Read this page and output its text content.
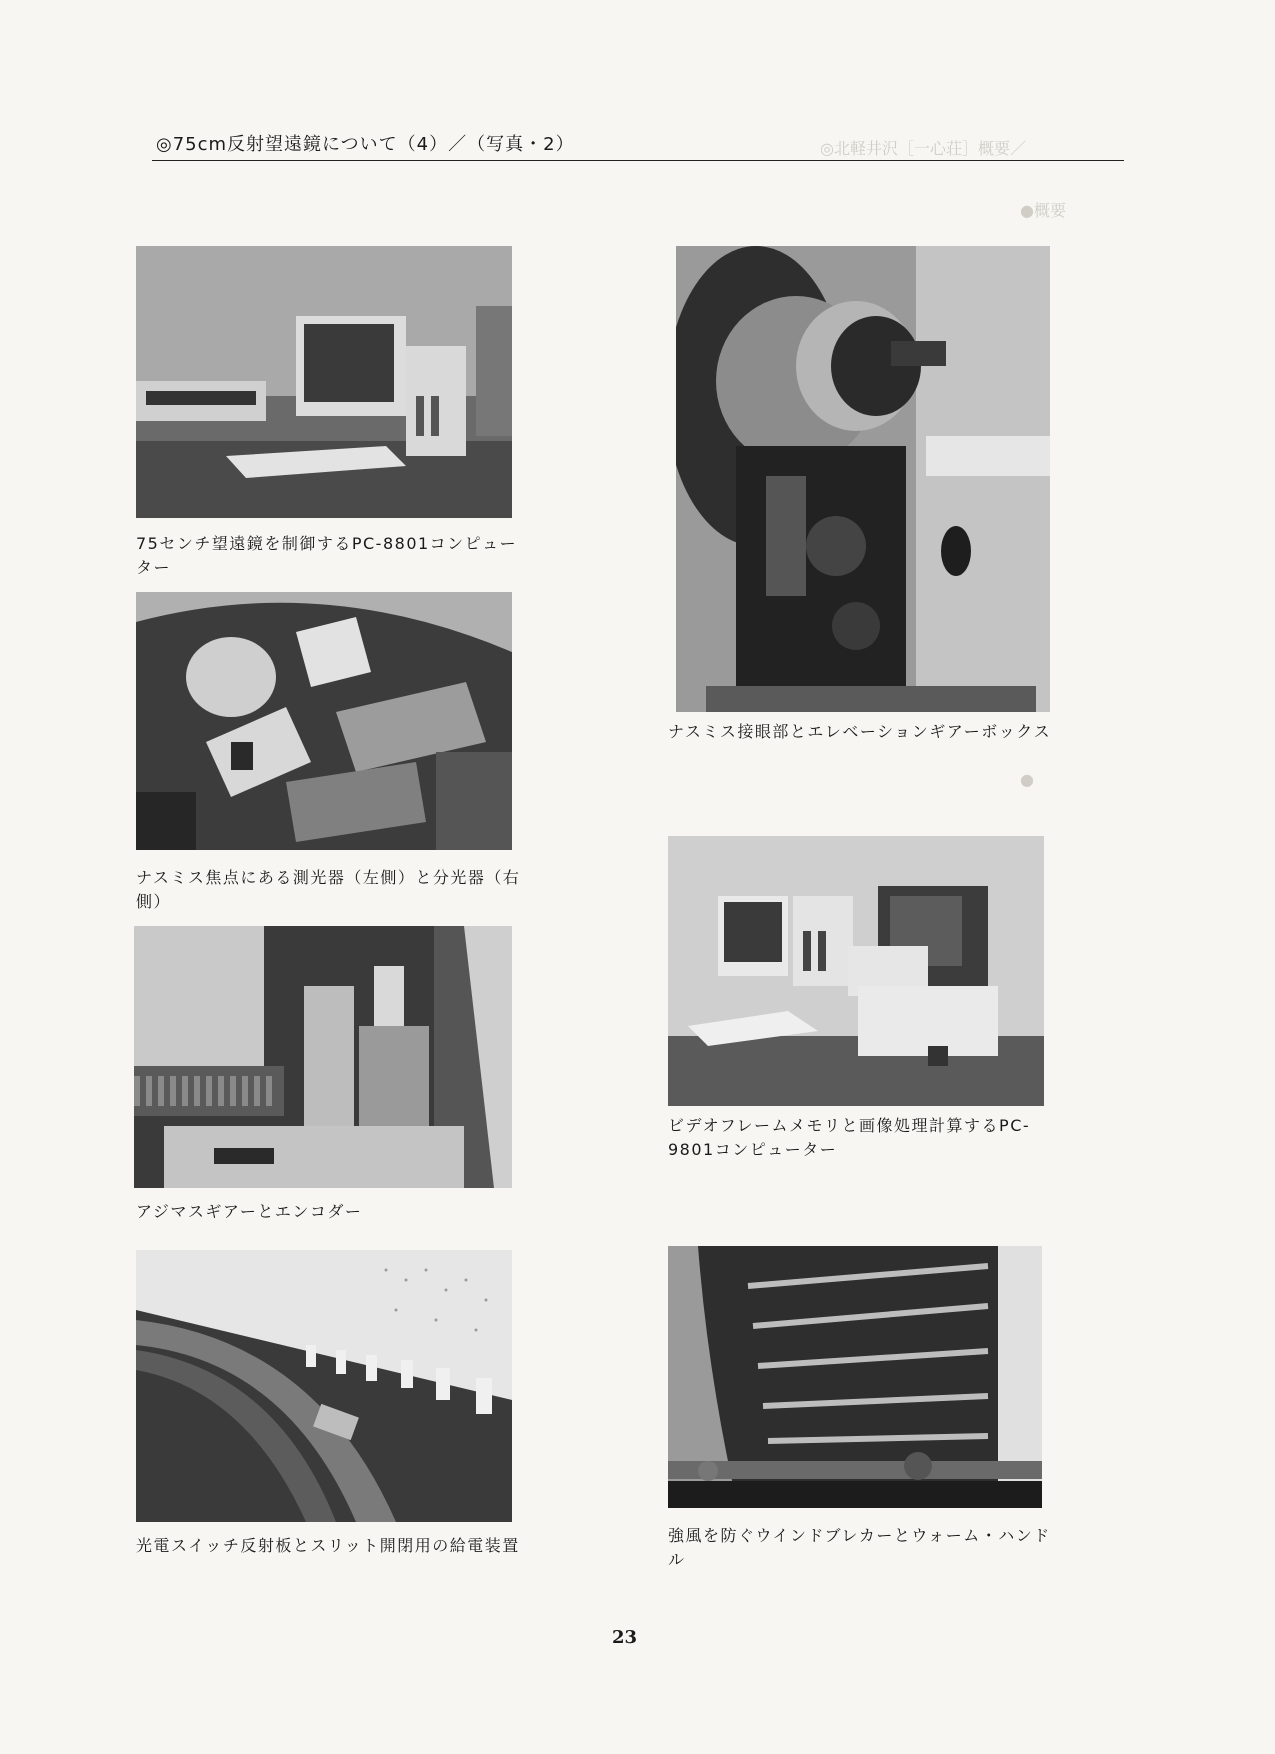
◎北軽井沢［一心荘］概要／
●概要
●
◎75cm反射望遠鏡について（4）／（写真・2）
75センチ望遠鏡を制御するPC-8801コンピューター
ナスミス接眼部とエレベーションギアーボックス
ナスミス焦点にある測光器（左側）と分光器（右側）
ビデオフレームメモリと画像処理計算するPC-9801コンピューター
アジマスギアーとエンコダー
光電スイッチ反射板とスリット開閉用の給電装置
強風を防ぐウインドブレカーとウォーム・ハンドル
23
